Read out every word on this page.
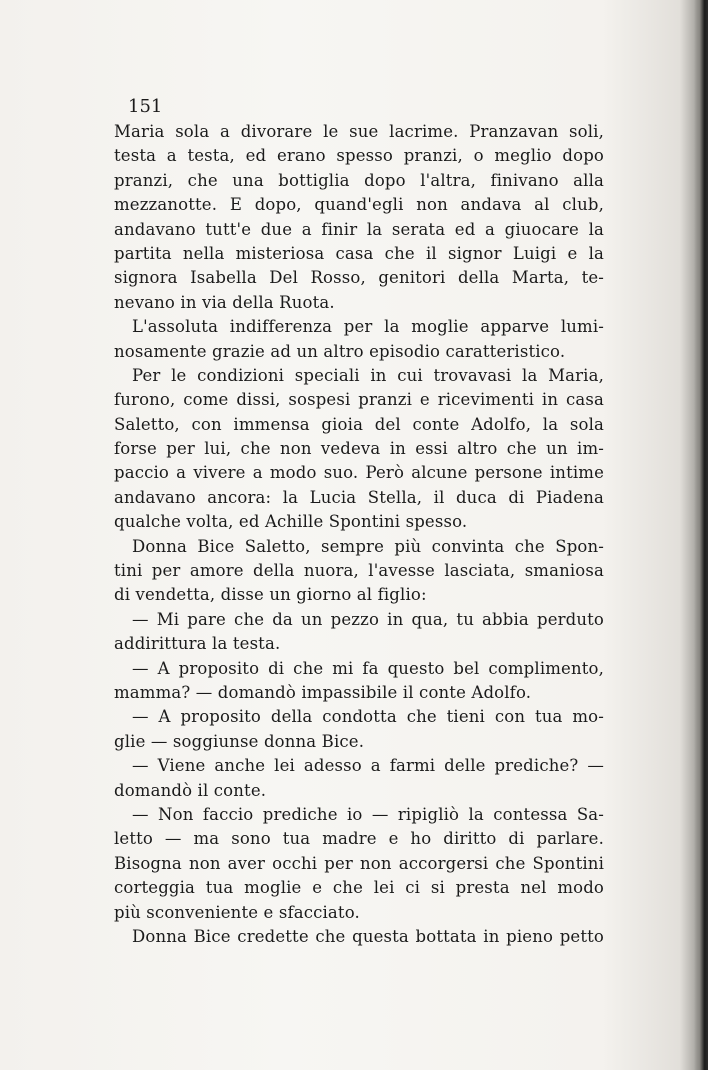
151

Maria sola a divorare le sue lacrime. Pranzavan soli,
testa a testa, ed erano spesso pranzi, o meglio dopo
pranzi, che una bottiglia dopo l'altra, finivano alla
mezzanotte. E dopo, quand'egli non andava al club,
andavano tutt'e due a finir la serata ed a giuocare la
partita nella misteriosa casa che il signor Luigi e la
signora Isabella Del Rosso, genitori della Marta, te-
nevano in via della Ruota.
L'assoluta indifferenza per la moglie apparve lumi-
nosamente grazie ad un altro episodio caratteristico.
Per le condizioni speciali in cui trovavasi la Maria,
furono, come dissi, sospesi pranzi e ricevimenti in casa
Saletto, con immensa gioia del conte Adolfo, la sola
forse per lui, che non vedeva in essi altro che un im-
paccio a vivere a modo suo. Però alcune persone intime
andavano ancora: la Lucia Stella, il duca di Piadena
qualche volta, ed Achille Spontini spesso.
Donna Bice Saletto, sempre più convinta che Spon-
tini per amore della nuora, l'avesse lasciata, smaniosa
di vendetta, disse un giorno al figlio:
— Mi pare che da un pezzo in qua, tu abbia perduto
addirittura la testa.
— A proposito di che mi fa questo bel complimento,
mamma? — domandò impassibile il conte Adolfo.
— A proposito della condotta che tieni con tua mo-
glie — soggiunse donna Bice.
— Viene anche lei adesso a farmi delle prediche? —
domandò il conte.
— Non faccio prediche io — ripigliò la contessa Sa-
letto — ma sono tua madre e ho diritto di parlare.
Bisogna non aver occhi per non accorgersi che Spontini
corteggia tua moglie e che lei ci si presta nel modo
più sconveniente e sfacciato.
Donna Bice credette che questa bottata in pieno petto
